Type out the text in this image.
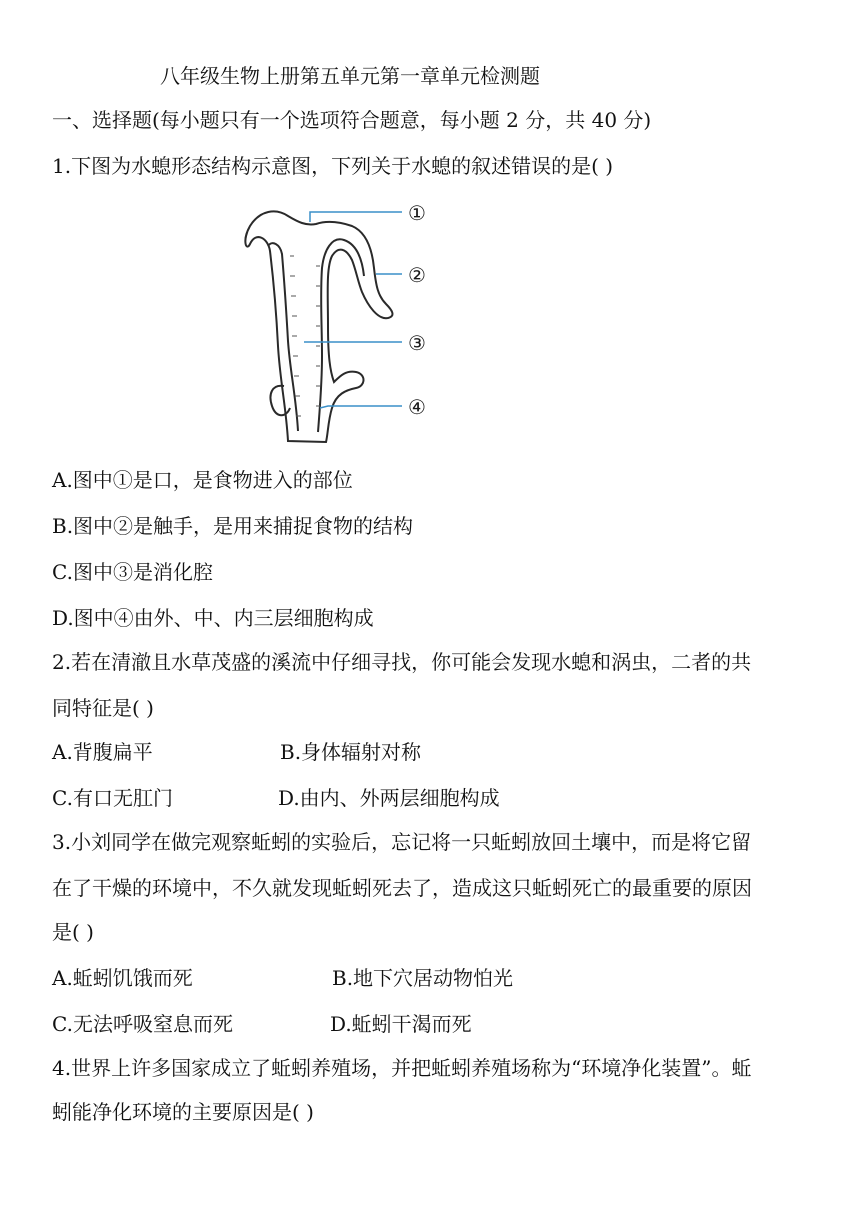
八年级生物上册第五单元第一章单元检测题
一、选择题(每小题只有一个选项符合题意，每小题 2 分，共 40 分)
1.下图为水螅形态结构示意图，下列关于水螅的叙述错误的是( )
①
②
③
④
A.图中①是口，是食物进入的部位
B.图中②是触手，是用来捕捉食物的结构
C.图中③是消化腔
D.图中④由外、中、内三层细胞构成
2.若在清澈且水草茂盛的溪流中仔细寻找，你可能会发现水螅和涡虫，二者的共
同特征是( )
A.背腹扁平	B.身体辐射对称
C.有口无肛门	D.由内、外两层细胞构成
3.小刘同学在做完观察蚯蚓的实验后，忘记将一只蚯蚓放回土壤中，而是将它留
在了干燥的环境中，不久就发现蚯蚓死去了，造成这只蚯蚓死亡的最重要的原因
是( )
A.蚯蚓饥饿而死	B.地下穴居动物怕光
C.无法呼吸窒息而死	D.蚯蚓干渴而死
4.世界上许多国家成立了蚯蚓养殖场，并把蚯蚓养殖场称为“环境净化装置”。蚯
蚓能净化环境的主要原因是( )
